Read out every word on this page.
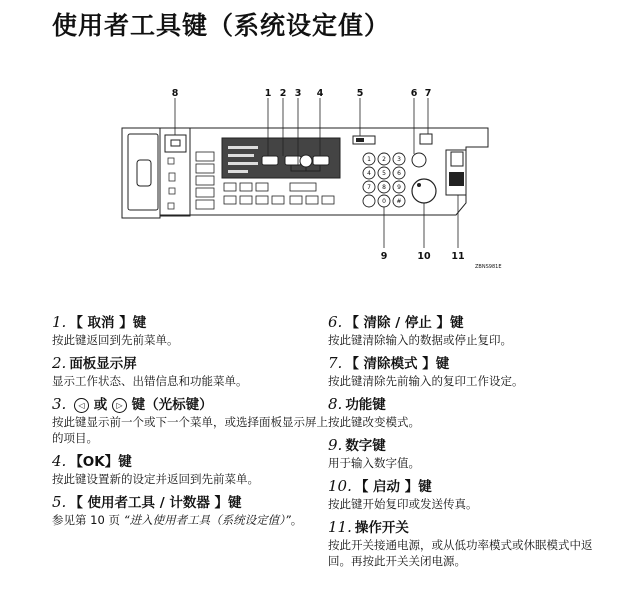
使用者工具键（系统设定值）
1 2 3
4 5 6
7 8 9
0 #
8	1 2 3 4	5	6 7
9	10 11
ZBNS981E
1. 【 取消 】键
按此键返回到先前菜单。
2. 面板显示屏
显示工作状态、出错信息和功能菜单。
3. ◁ 或 ▷ 键（光标键）
按此键显示前一个或下一个菜单，或选择面板显示屏上的项目。
4. 【OK】键
按此键设置新的设定并返回到先前菜单。
5. 【 使用者工具 / 计数器 】键
参见第 10 页 “进入使用者工具（系统设定值）”。
6. 【 清除 / 停止 】键
按此键清除输入的数据或停止复印。
7. 【 清除模式 】键
按此键清除先前输入的复印工作设定。
8. 功能键
按此键改变模式。
9. 数字键
用于输入数字值。
10. 【 启动 】键
按此键开始复印或发送传真。
11. 操作开关
按此开关接通电源，或从低功率模式或休眠模式中返回。再按此开关关闭电源。
